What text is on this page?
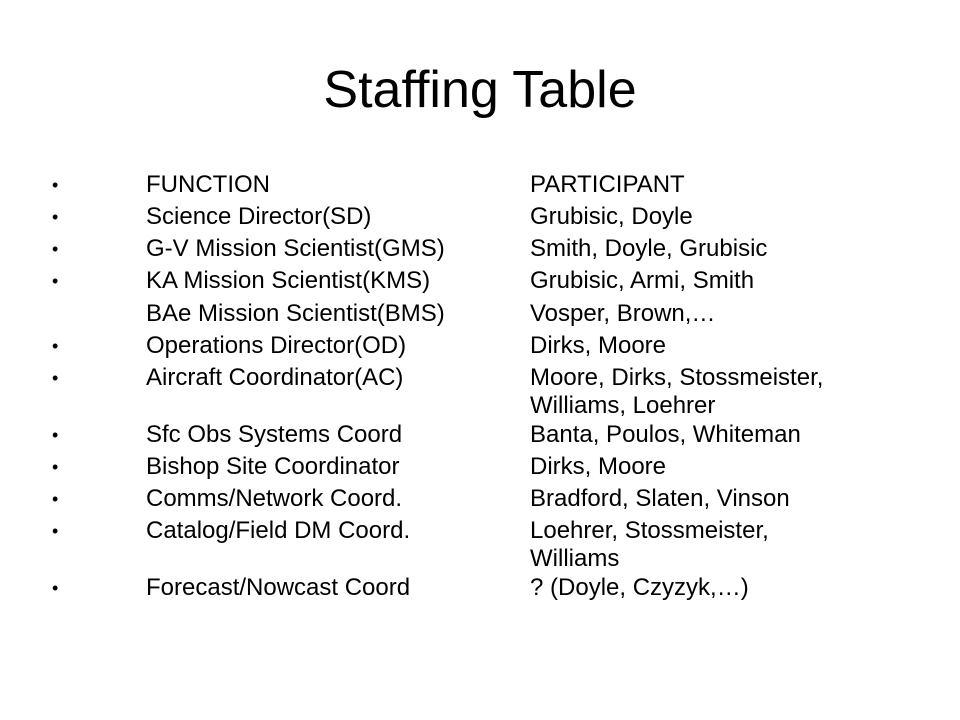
Staffing Table
•	FUNCTION	PARTICIPANT
•	Science Director(SD)	Grubisic, Doyle
•	G-V Mission Scientist(GMS)	Smith, Doyle, Grubisic
•	KA Mission Scientist(KMS)	Grubisic, Armi, Smith
BAe Mission Scientist(BMS)	Vosper, Brown,…
•	Operations Director(OD)	Dirks, Moore
•	Aircraft Coordinator(AC)	Moore, Dirks, Stossmeister,
Williams, Loehrer
•	Sfc Obs Systems Coord	Banta, Poulos, Whiteman
•	Bishop Site Coordinator	Dirks, Moore
•	Comms/Network Coord.	Bradford, Slaten, Vinson
•	Catalog/Field DM Coord.	Loehrer, Stossmeister,
Williams
•	Forecast/Nowcast Coord	? (Doyle, Czyzyk,…)
